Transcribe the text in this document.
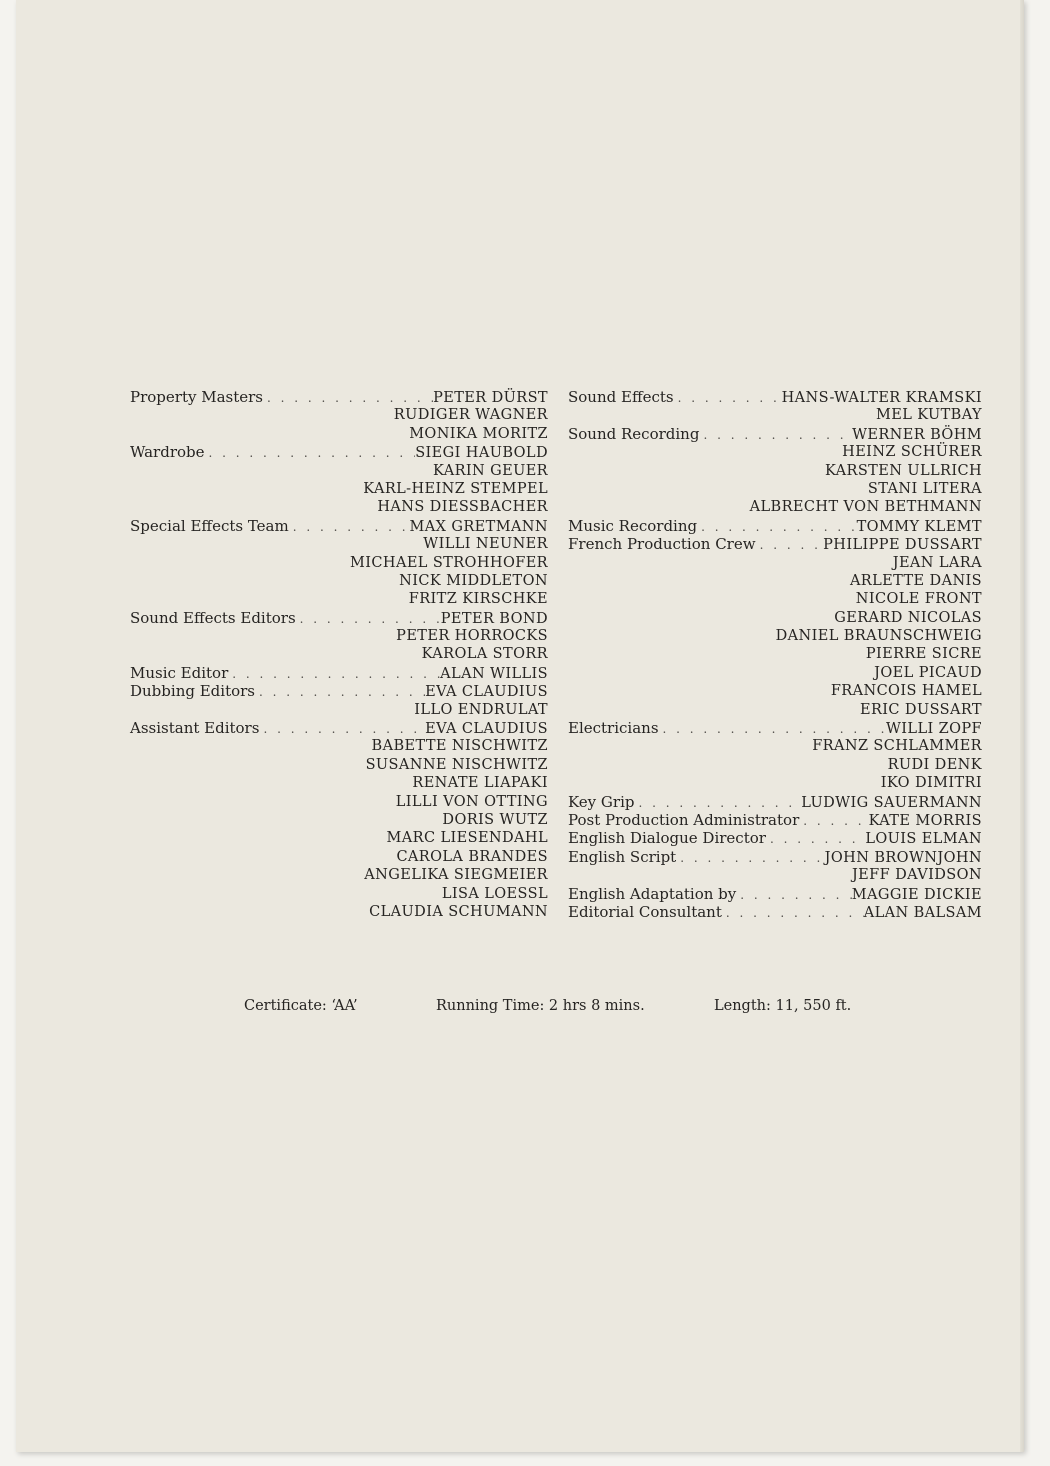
Property Masters . . .	PETER DÜRST
RUDIGER WAGNER
MONIKA MORITZ
Wardrobe . . .	SIEGI HAUBOLD
KARIN GEUER
KARL-HEINZ STEMPEL
HANS DIESSBACHER
Special Effects Team . . .	MAX GRETMANN
WILLI NEUNER
MICHAEL STROHHOFER
NICK MIDDLETON
FRITZ KIRSCHKE
Sound Effects Editors . . .	PETER BOND
PETER HORROCKS
KAROLA STORR
Music Editor . . .	ALAN WILLIS
Dubbing Editors . . .	EVA CLAUDIUS
ILLO ENDRULAT
Assistant Editors . . .	EVA CLAUDIUS
BABETTE NISCHWITZ
SUSANNE NISCHWITZ
RENATE LIAPAKI
LILLI VON OTTING
DORIS WUTZ
MARC LIESENDAHL
CAROLA BRANDES
ANGELIKA SIEGMEIER
LISA LOESSL
CLAUDIA SCHUMANN
Sound Effects . . .	HANS-WALTER KRAMSKI
MEL KUTBAY
Sound Recording . . .	WERNER BÖHM
HEINZ SCHÜRER
KARSTEN ULLRICH
STANI LITERA
ALBRECHT VON BETHMANN
Music Recording . . .	TOMMY KLEMT
French Production Crew . . .	PHILIPPE DUSSART
JEAN LARA
ARLETTE DANIS
NICOLE FRONT
GERARD NICOLAS
DANIEL BRAUNSCHWEIG
PIERRE SICRE
JOEL PICAUD
FRANCOIS HAMEL
ERIC DUSSART
Electricians . . .	WILLI ZOPF
FRANZ SCHLAMMER
RUDI DENK
IKO DIMITRI
Key Grip . . .	LUDWIG SAUERMANN
Post Production Administrator . . .	KATE MORRIS
English Dialogue Director . . .	LOUIS ELMAN
English Script . . .	JOHN BROWNJOHN
JEFF DAVIDSON
English Adaptation by . . .	MAGGIE DICKIE
Editorial Consultant . . .	ALAN BALSAM
Certificate: ‘AA’	Running Time: 2 hrs 8 mins.	Length: 11, 550 ft.
